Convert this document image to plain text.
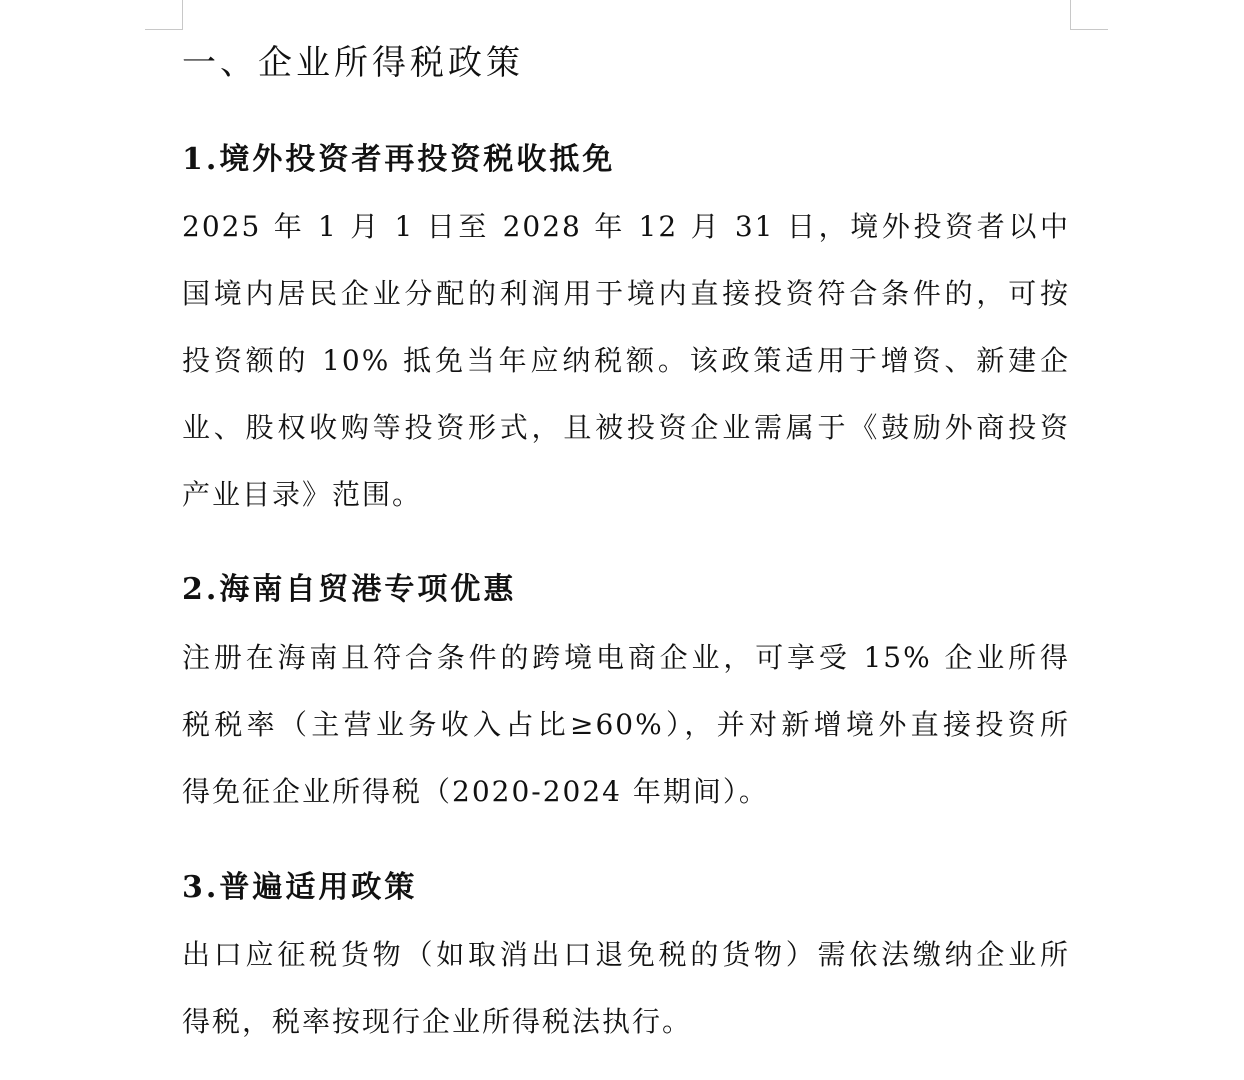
一、企业所得税政策
1.境外投资者再投资税收抵免
2025 年 1 月 1 日至 2028 年 12 月 31 日，境外投资者以中
国境内居民企业分配的利润用于境内直接投资符合条件的，可按
投资额的 10% 抵免当年应纳税额。该政策适用于增资、新建企
业、股权收购等投资形式，且被投资企业需属于《鼓励外商投资
产业目录》范围。
2.海南自贸港专项优惠
注册在海南且符合条件的跨境电商企业，可享受 15% 企业所得
税税率（主营业务收入占比≥60%），并对新增境外直接投资所
得免征企业所得税（2020-2024 年期间）。
3.普遍适用政策
出口应征税货物（如取消出口退免税的货物）需依法缴纳企业所
得税，税率按现行企业所得税法执行。
